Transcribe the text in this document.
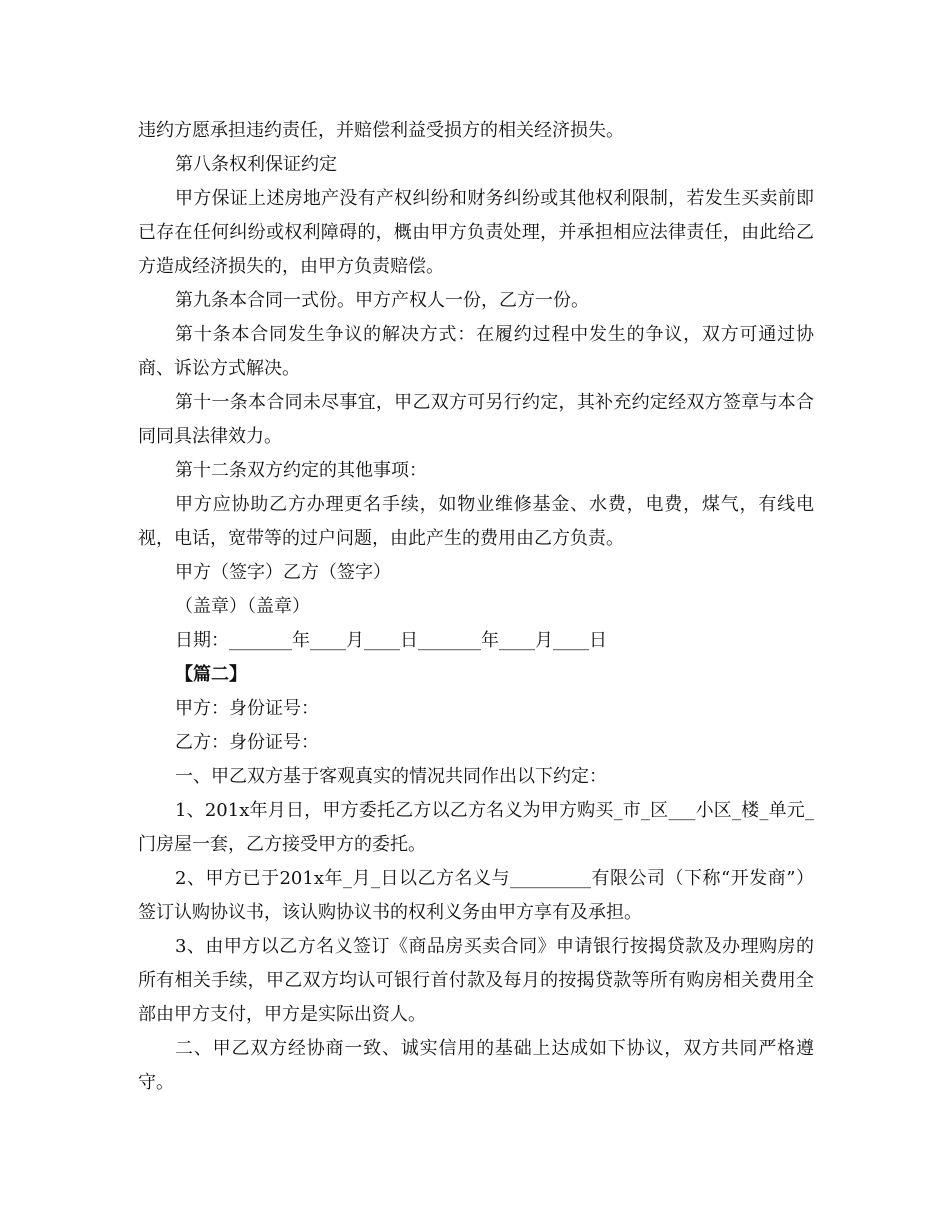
违约方愿承担违约责任，并赔偿利益受损方的相关经济损失。

第八条权利保证约定

甲方保证上述房地产没有产权纠纷和财务纠纷或其他权利限制，若发生买卖前即已存在任何纠纷或权利障碍的，概由甲方负责处理，并承担相应法律责任，由此给乙方造成经济损失的，由甲方负责赔偿。

第九条本合同一式份。甲方产权人一份，乙方一份。

第十条本合同发生争议的解决方式：在履约过程中发生的争议，双方可通过协商、诉讼方式解决。

第十一条本合同未尽事宜，甲乙双方可另行约定，其补充约定经双方签章与本合同同具法律效力。

第十二条双方约定的其他事项：

甲方应协助乙方办理更名手续，如物业维修基金、水费，电费，煤气，有线电视，电话，宽带等的过户问题，由此产生的费用由乙方负责。

甲方（签字）乙方（签字）

（盖章）（盖章）

日期：_______年____月____日_______年____月____日

【篇二】

甲方：身份证号：

乙方：身份证号：

一、甲乙双方基于客观真实的情况共同作出以下约定：

1、201x年月日，甲方委托乙方以乙方名义为甲方购买_市_区___小区_楼_单元_门房屋一套，乙方接受甲方的委托。

2、甲方已于201x年_月_日以乙方名义与_________有限公司（下称“开发商”）签订认购协议书，该认购协议书的权利义务由甲方享有及承担。

3、由甲方以乙方名义签订《商品房买卖合同》申请银行按揭贷款及办理购房的所有相关手续，甲乙双方均认可银行首付款及每月的按揭贷款等所有购房相关费用全部由甲方支付，甲方是实际出资人。

二、甲乙双方经协商一致、诚实信用的基础上达成如下协议，双方共同严格遵守。
